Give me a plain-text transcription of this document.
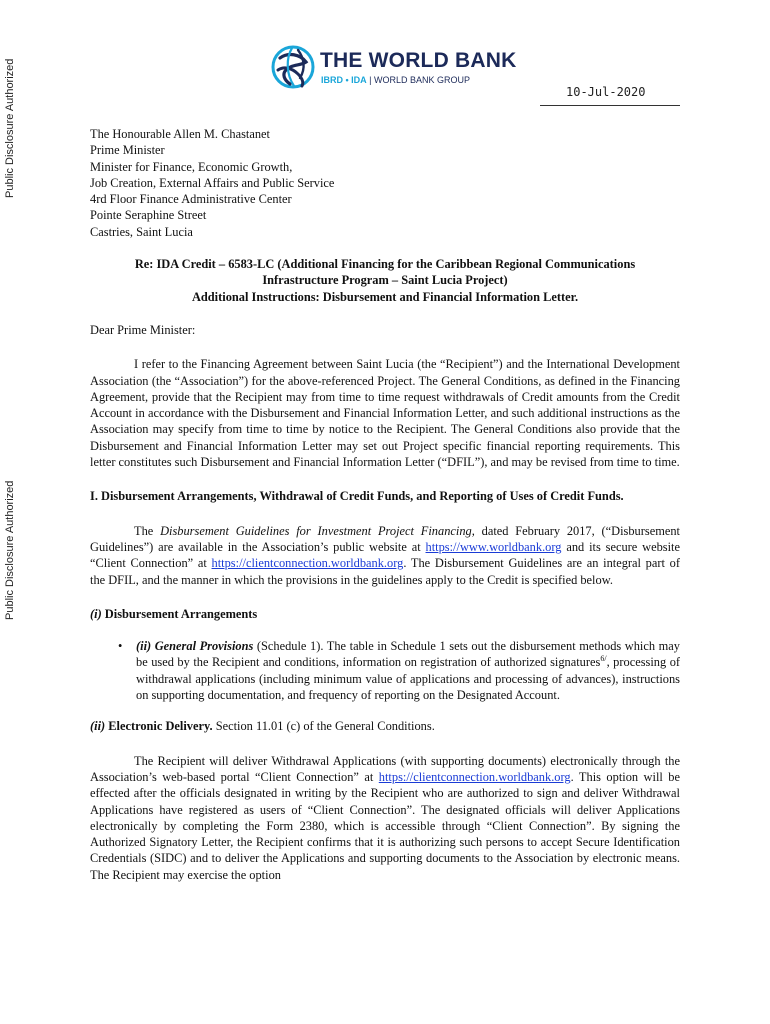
Public Disclosure Authorized
Public Disclosure Authorized
THE WORLD BANK
IBRD • IDA | WORLD BANK GROUP
10-Jul-2020
The Honourable Allen M. Chastanet
Prime Minister
Minister for Finance, Economic Growth,
Job Creation, External Affairs and Public Service
4rd Floor Finance Administrative Center
Pointe Seraphine Street
Castries, Saint Lucia
Re: IDA Credit – 6583-LC (Additional Financing for the Caribbean Regional Communications
Infrastructure Program – Saint Lucia Project)
Additional Instructions: Disbursement and Financial Information Letter.
Dear Prime Minister:

I refer to the Financing Agreement between Saint Lucia (the “Recipient”) and the International Development Association (the “Association”) for the above-referenced Project. The General Conditions, as defined in the Financing Agreement, provide that the Recipient may from time to time request withdrawals of Credit amounts from the Credit Account in accordance with the Disbursement and Financial Information Letter, and such additional instructions as the Association may specify from time to time by notice to the Recipient. The General Conditions also provide that the Disbursement and Financial Information Letter may set out Project specific financial reporting requirements. This letter constitutes such Disbursement and Financial Information Letter (“DFIL”), and may be revised from time to time.

I. Disbursement Arrangements, Withdrawal of Credit Funds, and Reporting of Uses of Credit Funds.

The Disbursement Guidelines for Investment Project Financing, dated February 2017, (“Disbursement Guidelines”) are available in the Association’s public website at https://www.worldbank.org and its secure website “Client Connection” at https://clientconnection.worldbank.org. The Disbursement Guidelines are an integral part of the DFIL, and the manner in which the provisions in the guidelines apply to the Credit is specified below.

(i) Disbursement Arrangements

•	(ii) General Provisions (Schedule 1). The table in Schedule 1 sets out the disbursement methods which may be used by the Recipient and conditions, information on registration of authorized signatures$^{6/}$, processing of withdrawal applications (including minimum value of applications and processing of advances), instructions on supporting documentation, and frequency of reporting on the Designated Account.

(ii) Electronic Delivery. Section 11.01 (c) of the General Conditions.

The Recipient will deliver Withdrawal Applications (with supporting documents) electronically through the Association’s web-based portal “Client Connection” at https://clientconnection.worldbank.org. This option will be effected after the officials designated in writing by the Recipient who are authorized to sign and deliver Withdrawal Applications have registered as users of “Client Connection”. The designated officials will deliver Applications electronically by completing the Form 2380, which is accessible through “Client Connection”. By signing the Authorized Signatory Letter, the Recipient confirms that it is authorizing such persons to accept Secure Identification Credentials (SIDC) and to deliver the Applications and supporting documents to the Association by electronic means. The Recipient may exercise the option
